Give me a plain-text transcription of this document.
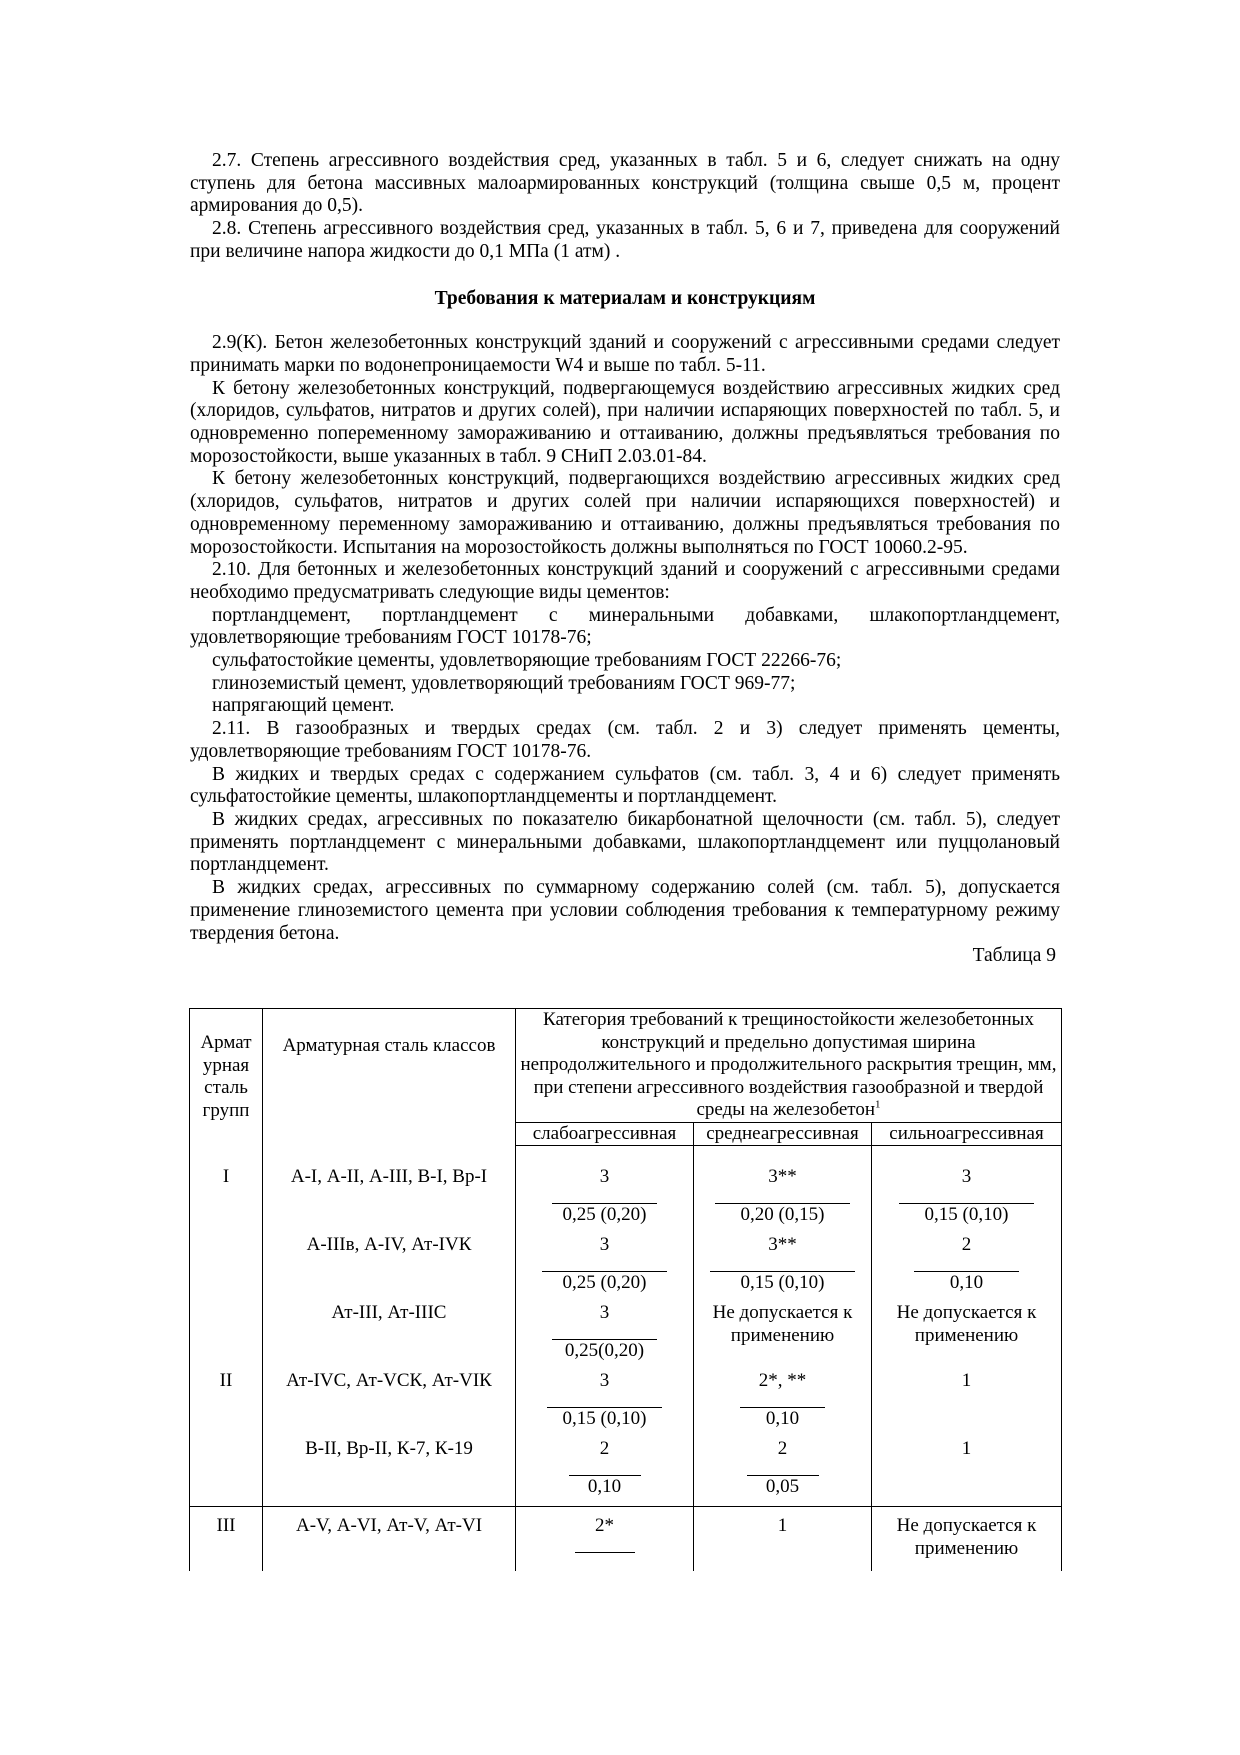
2.7. Степень агрессивного воздействия сред, указанных в табл. 5 и 6, следует снижать на одну ступень для бетона массивных малоармированных конструкций (толщина свыше 0,5 м, процент армирования до 0,5).

2.8. Степень агрессивного воздействия сред, указанных в табл. 5, 6 и 7, приведена для сооружений при величине напора жидкости до 0,1 МПа (1 атм) .

Требования к материалам и конструкциям

2.9(К). Бетон железобетонных конструкций зданий и сооружений с агрессивными средами следует принимать марки по водонепроницаемости W4 и выше по табл. 5-11.

К бетону железобетонных конструкций, подвергающемуся воздействию агрессивных жидких сред (хлоридов, сульфатов, нитратов и других солей), при наличии испаряющих поверхностей по табл. 5, и одновременно попеременному замораживанию и оттаиванию, должны предъявляться требования по морозостойкости, выше указанных в табл. 9 СНиП 2.03.01-84.

К бетону железобетонных конструкций, подвергающихся воздействию агрессивных жидких сред (хлоридов, сульфатов, нитратов и других солей при наличии испаряющихся поверхностей) и одновременному переменному замораживанию и оттаиванию, должны предъявляться требования по морозостойкости. Испытания на морозостойкость должны выполняться по ГОСТ 10060.2-95.

2.10. Для бетонных и железобетонных конструкций зданий и сооружений с агрессивными средами необходимо предусматривать следующие виды цементов:

портландцемент, портландцемент с минеральными добавками, шлакопортландцемент, удовлетворяющие требованиям ГОСТ 10178-76;

сульфатостойкие цементы, удовлетворяющие требованиям ГОСТ 22266-76;

глиноземистый цемент, удовлетворяющий требованиям ГОСТ 969-77;

напрягающий цемент.

2.11. В газообразных и твердых средах (см. табл. 2 и 3) следует применять цементы, удовлетворяющие требованиям ГОСТ 10178-76.

В жидких и твердых средах с содержанием сульфатов (см. табл. 3, 4 и 6) следует применять сульфатостойкие цементы, шлакопортландцементы и портландцемент.

В жидких средах, агрессивных по показателю бикарбонатной щелочности (см. табл. 5), следует применять портландцемент с минеральными добавками, шлакопортландцемент или пуццолановый портландцемент.

В жидких средах, агрессивных по суммарному содержанию солей (см. табл. 5), допускается применение глиноземистого цемента при условии соблюдения требования к температурному режиму твердения бетона.

Таблица 9

Армат урная сталь групп	Арматурная сталь классов	Категория требований к трещиностойкости железобетонных конструкций и предельно допустимая ширина непродолжительного и продолжительного раскрытия трещин, мм, при степени агрессивного воздействия газообразной и твердой среды на железобетон$^1$
		слабоагрессивная	среднеагрессивная	сильноагрессивная

I	А-I, А-II, А-III, В-I, Вр-I	$\frac{3}{0,25 (0,20)}$	$\frac{3**}{0,20 (0,15)}$	$\frac{3}{0,15 (0,10)}$

	А-IIIв, А-IV, Ат-IVК	$\frac{3}{0,25 (0,20)}$	$\frac{3**}{0,15 (0,10)}$	$\frac{2}{0,10}$

	Ат-III, Ат-IIIС	$\frac{3}{0,25(0,20)}$	Не допускается к применению	Не допускается к применению

II	Ат-IVС, Ат-VСК, Ат-VIК	$\frac{3}{0,15 (0,10)}$	$\frac{2*, **}{0,10}$	1

	В-II, Вр-II, К-7, К-19	$\frac{2}{0,10}$	$\frac{2}{0,05}$	1

III	А-V, А-VI, Ат-V, Ат-VI	2*	1	Не допускается к применению
